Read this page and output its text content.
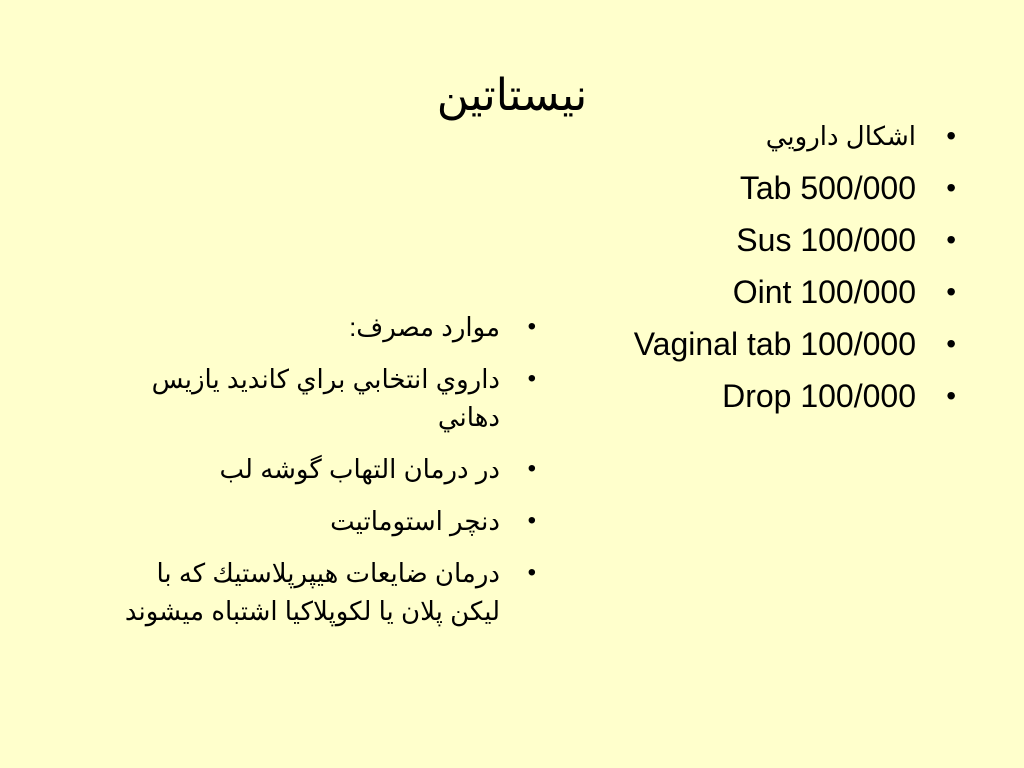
نیستاتین
اشكال دارويي	•
Tab 500/000	•
Sus 100/000	•
Oint 100/000	•
Vaginal tab 100/000	•
Drop 100/000	•
موارد مصرف:	•
داروي انتخابي براي كانديد يازيس دهاني
•
در درمان التهاب گوشه لب	•
دنچر استوماتيت	•
درمان ضايعات هيپرپلاستيك كه با ليكن پلان يا لكوپلاكيا اشتباه ميشوند
•
